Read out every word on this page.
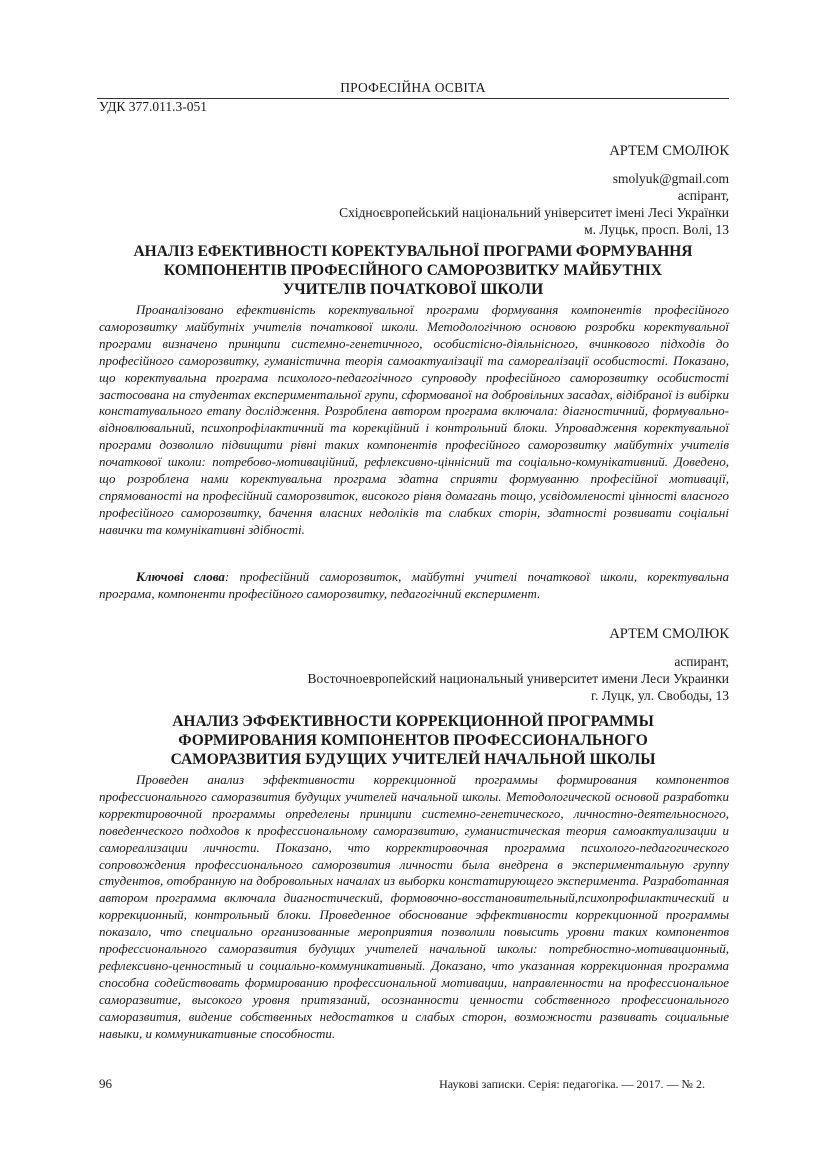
ПРОФЕСІЙНА ОСВІТА
УДК 377.011.3-051
АРТЕМ СМОЛЮК
smolyuk@gmail.com
аспірант,
Східноєвропейський національний університет імені Лесі Українки
м. Луцьк, просп. Волі, 13
АНАЛІЗ ЕФЕКТИВНОСТІ КОРЕКТУВАЛЬНОЇ ПРОГРАМИ ФОРМУВАННЯ
КОМПОНЕНТІВ ПРОФЕСІЙНОГО САМОРОЗВИТКУ МАЙБУТНІХ
УЧИТЕЛІВ ПОЧАТКОВОЇ ШКОЛИ

Проаналізовано ефективність коректувальної програми формування компонентів професійного саморозвитку майбутніх учителів початкової школи. Методологічною основою розробки коректувальної програми визначено принципи системно-генетичного, особистісно-діяльнісного, вчинкового підходів до професійного саморозвитку, гуманістична теорія самоактуалізації та самореалізації особистості. Показано, що коректувальна програма психолого-педагогічного супроводу професійного саморозвитку особистості застосована на студентах експериментальної групи, сформованої на добровільних засадах, відібраної із вибірки констатувального етапу дослідження. Розроблена автором програма включала: діагностичний, формувально-відновлювальний, психопрофілактичний та корекційний і контрольний блоки. Упровадження коректувальної програми дозволило підвищити рівні таких компонентів професійного саморозвитку майбутніх учителів початкової школи: потребово-мотиваційний, рефлексивно-ціннісний та соціально-комунікативний. Доведено, що розроблена нами коректувальна програма здатна сприяти формуванню професійної мотивації, спрямованості на професійний саморозвиток, високого рівня домагань тощо, усвідомленості цінності власного професійного саморозвитку, бачення власних недоліків та слабких сторін, здатності розвивати соціальні навички та комунікативні здібності.

Ключові слова: професійний саморозвиток, майбутні учителі початкової школи, коректувальна програма, компоненти професійного саморозвитку, педагогічний експеримент.

АРТЕМ СМОЛЮК
аспирант,
Восточноевропейский национальный университет имени Леси Украинки
г. Луцк, ул. Свободы, 13
АНАЛИЗ ЭФФЕКТИВНОСТИ КОРРЕКЦИОННОЙ ПРОГРАММЫ
ФОРМИРОВАНИЯ КОМПОНЕНТОВ ПРОФЕССИОНАЛЬНОГО
САМОРАЗВИТИЯ БУДУЩИХ УЧИТЕЛЕЙ НАЧАЛЬНОЙ ШКОЛЫ

Проведен анализ эффективности коррекционной программы формирования компонентов профессионального саморазвития будущих учителей начальной школы. Методологической основой разработки корректировочной программы определены принципи системно-генетического, личностно-деятельносного, поведенческого подходов к профессиональному саморазвитию, гуманистическая теория самоактуализации и самореализации личности. Показано, что корректировочная программа психолого-педагогического сопровождения профессионального саморозвития личности была внедрена в экспериментальную группу студентов, отобранную на добровольных началах из выборки констатирующего эксперимента. Разработанная автором программа включала диагностический, формовочно-восстановительный,психопрофилактический и коррекционный, контрольный блоки. Проведенное обоснование эффективности коррекционной программы показало, что специально организованные мероприятия позволили повысить уровни таких компонентов профессионального саморазвития будущих учителей начальной школы: потребностно-мотивационный, рефлексивно-ценностный и социально-коммуникативный. Доказано, что указанная коррекционная программа способна содействовать формированию профессиональной мотивации, направленности на профессиональное саморазвитие, высокого уровня притязаний, осознанности ценности собственного профессионального саморазвития, видение собственных недостатков и слабых сторон, возможности развивать социальные навыки, и коммуникативные способности.

96	Наукові записки. Серія: педагогіка. — 2017. — № 2.
